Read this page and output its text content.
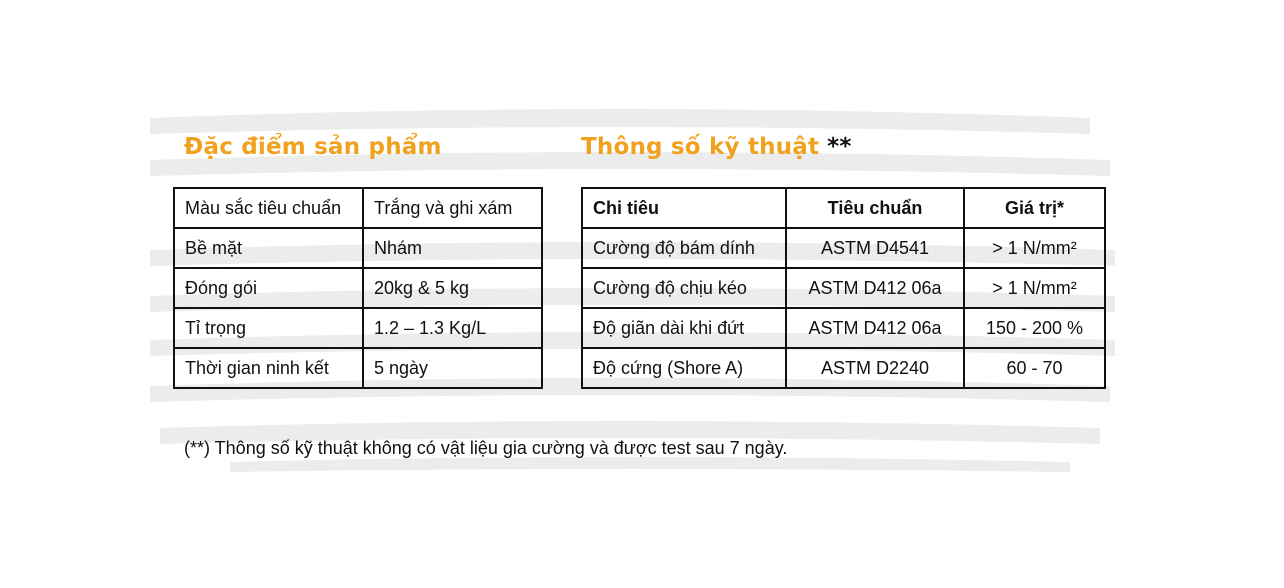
Đặc điểm sản phẩm	Thông số kỹ thuật **
Màu sắc tiêu chuẩn	Trắng và ghi xám
Bề mặt	Nhám
Đóng gói	20kg & 5 kg
Tỉ trọng	1.2 – 1.3 Kg/L
Thời gian ninh kết	5 ngày
Chi tiêu	Tiêu chuẩn	Giá trị*
Cường độ bám dính	ASTM D4541	> 1 N/mm²
Cường độ chịu kéo	ASTM D412 06a	> 1 N/mm²
Độ giãn dài khi đứt	ASTM D412 06a	150 - 200 %
Độ cứng (Shore A)	ASTM D2240	60 - 70
(**) Thông số kỹ thuật không có vật liệu gia cường và được test sau 7 ngày.
